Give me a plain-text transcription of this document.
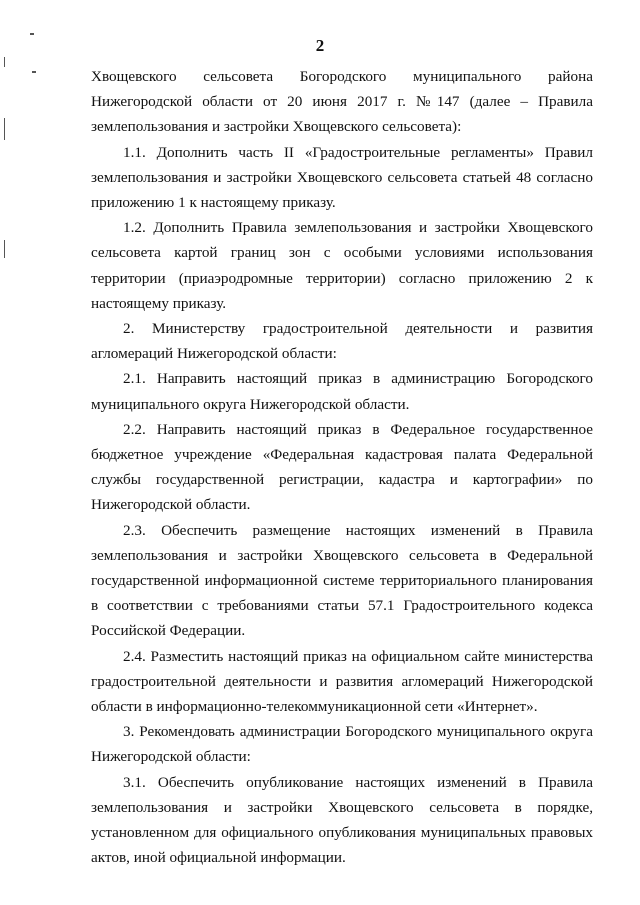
2

Хвощевского сельсовета Богородского муниципального района Нижегородской области от 20 июня 2017 г. №147 (далее – Правила землепользования и застройки Хвощевского сельсовета):

1.1. Дополнить часть II «Градостроительные регламенты» Правил землепользования и застройки Хвощевского сельсовета статьей 48 согласно приложению 1 к настоящему приказу.

1.2. Дополнить Правила землепользования и застройки Хвощевского сельсовета картой границ зон с особыми условиями использования территории (приаэродромные территории) согласно приложению 2 к настоящему приказу.

2. Министерству градостроительной деятельности и развития агломераций Нижегородской области:

2.1. Направить настоящий приказ в администрацию Богородского муниципального округа Нижегородской области.

2.2. Направить настоящий приказ в Федеральное государственное бюджетное учреждение «Федеральная кадастровая палата Федеральной службы государственной регистрации, кадастра и картографии» по Нижегородской области.

2.3. Обеспечить размещение настоящих изменений в Правила землепользования и застройки Хвощевского сельсовета в Федеральной государственной информационной системе территориального планирования в соответствии с требованиями статьи 57.1 Градостроительного кодекса Российской Федерации.

2.4. Разместить настоящий приказ на официальном сайте министерства градостроительной деятельности и развития агломераций Нижегородской области в информационно-телекоммуникационной сети «Интернет».

3. Рекомендовать администрации Богородского муниципального округа Нижегородской области:

3.1. Обеспечить опубликование настоящих изменений в Правила землепользования и застройки Хвощевского сельсовета в порядке, установленном для официального опубликования муниципальных правовых актов, иной официальной информации.
